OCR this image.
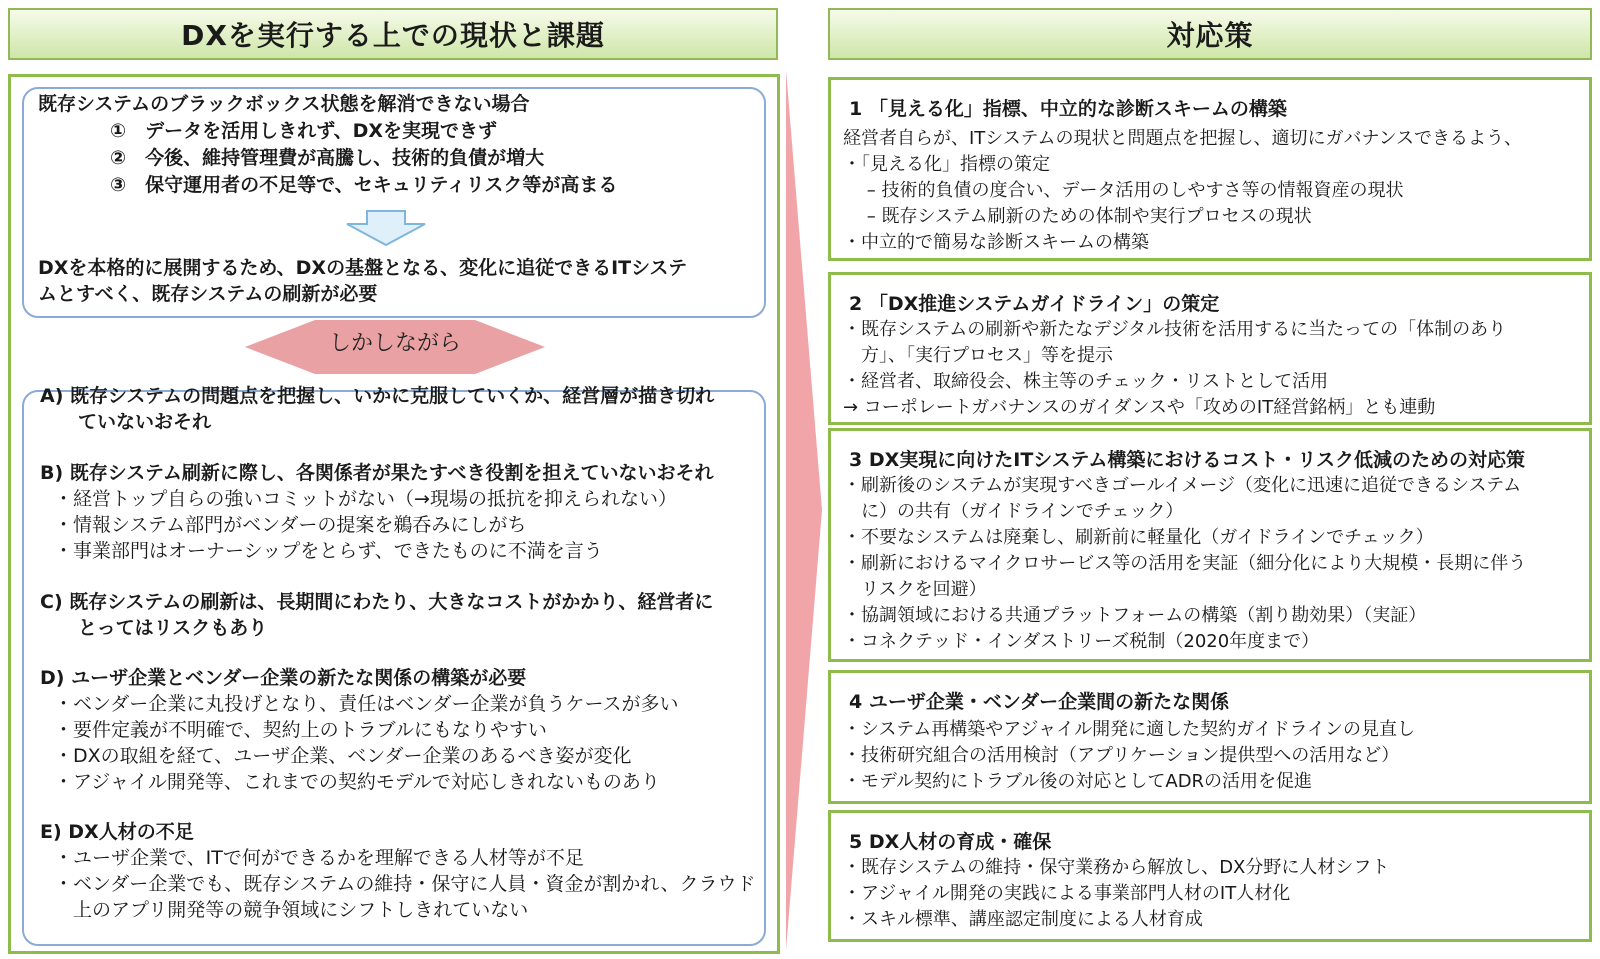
DXを実行する上での現状と課題	対応策
既存システムのブラックボックス状態を解消できない場合
①　データを活用しきれず、DXを実現できず
②　今後、維持管理費が高騰し、技術的負債が増大
③　保守運用者の不足等で、セキュリティリスク等が高まる
DXを本格的に展開するため、DXの基盤となる、変化に追従できるITシステ
ムとすべく、既存システムの刷新が必要
しかしながら
A) 既存システムの問題点を把握し、いかに克服していくか、経営層が描き切れ
ていないおそれ
B) 既存システム刷新に際し、各関係者が果たすべき役割を担えていないおそれ
・経営トップ自らの強いコミットがない（→現場の抵抗を抑えられない）
・情報システム部門がベンダーの提案を鵜呑みにしがち
・事業部門はオーナーシップをとらず、できたものに不満を言う
C) 既存システムの刷新は、長期間にわたり、大きなコストがかかり、経営者に
とってはリスクもあり
D) ユーザ企業とベンダー企業の新たな関係の構築が必要
・ベンダー企業に丸投げとなり、責任はベンダー企業が負うケースが多い
・要件定義が不明確で、契約上のトラブルにもなりやすい
・DXの取組を経て、ユーザ企業、ベンダー企業のあるべき姿が変化
・アジャイル開発等、これまでの契約モデルで対応しきれないものあり
E) DX人材の不足
・ユーザ企業で、ITで何ができるかを理解できる人材等が不足
・ベンダー企業でも、既存システムの維持・保守に人員・資金が割かれ、クラウド
　上のアプリ開発等の競争領域にシフトしきれていない
1 「見える化」指標、中立的な診断スキームの構築
経営者自らが、ITシステムの現状と問題点を把握し、適切にガバナンスできるよう、
・「見える化」指標の策定
　 – 技術的負債の度合い、データ活用のしやすさ等の情報資産の現状
　 – 既存システム刷新のための体制や実行プロセスの現状
・中立的で簡易な診断スキームの構築
2 「DX推進システムガイドライン」の策定
・既存システムの刷新や新たなデジタル技術を活用するに当たっての「体制のあり
　方」、「実行プロセス」等を提示
・経営者、取締役会、株主等のチェック・リストとして活用
→ コーポレートガバナンスのガイダンスや「攻めのIT経営銘柄」とも連動
3 DX実現に向けたITシステム構築におけるコスト・リスク低減のための対応策
・刷新後のシステムが実現すべきゴールイメージ（変化に迅速に追従できるシステム
　に）の共有（ガイドラインでチェック）
・不要なシステムは廃棄し、刷新前に軽量化（ガイドラインでチェック）
・刷新におけるマイクロサービス等の活用を実証（細分化により大規模・長期に伴う
　リスクを回避）
・協調領域における共通プラットフォームの構築（割り勘効果）（実証）
・コネクテッド・インダストリーズ税制（2020年度まで）
4 ユーザ企業・ベンダー企業間の新たな関係
・システム再構築やアジャイル開発に適した契約ガイドラインの見直し
・技術研究組合の活用検討（アプリケーション提供型への活用など）
・モデル契約にトラブル後の対応としてADRの活用を促進
5 DX人材の育成・確保
・既存システムの維持・保守業務から解放し、DX分野に人材シフト
・アジャイル開発の実践による事業部門人材のIT人材化
・スキル標準、講座認定制度による人材育成
